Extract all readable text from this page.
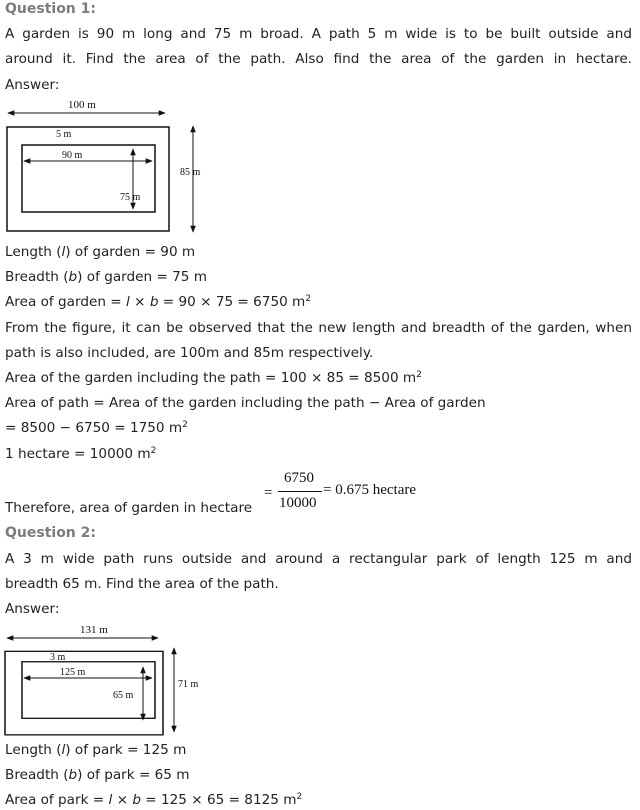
Question 1:
A garden is 90 m long and 75 m broad. A path 5 m wide is to be built outside and
around it. Find the area of the path. Also find the area of the garden in hectare.
Answer:
100 m
5 m
90 m
75 m
85 m
Length (l) of garden = 90 m
Breadth (b) of garden = 75 m
Area of garden = l × b = 90 × 75 = 6750 $m^2$
From the figure, it can be observed that the new length and breadth of the garden, when
path is also included, are 100m and 85m respectively.
Area of the garden including the path = 100 × 85 = 8500 $m^2$
Area of path = Area of the garden including the path − Area of garden
= 8500 − 6750 = 1750 $m^2$
1 hectare = 10000 $m^2$
Therefore, area of garden in hectare
=
6750
10000
= 0.675 hectare
Question 2:
A 3 m wide path runs outside and around a rectangular park of length 125 m and
breadth 65 m. Find the area of the path.
Answer:
131 m
3 m
125 m
65 m
71 m
Length (l) of park = 125 m
Breadth (b) of park = 65 m
Area of park = l × b = 125 × 65 = 8125 $m^2$
